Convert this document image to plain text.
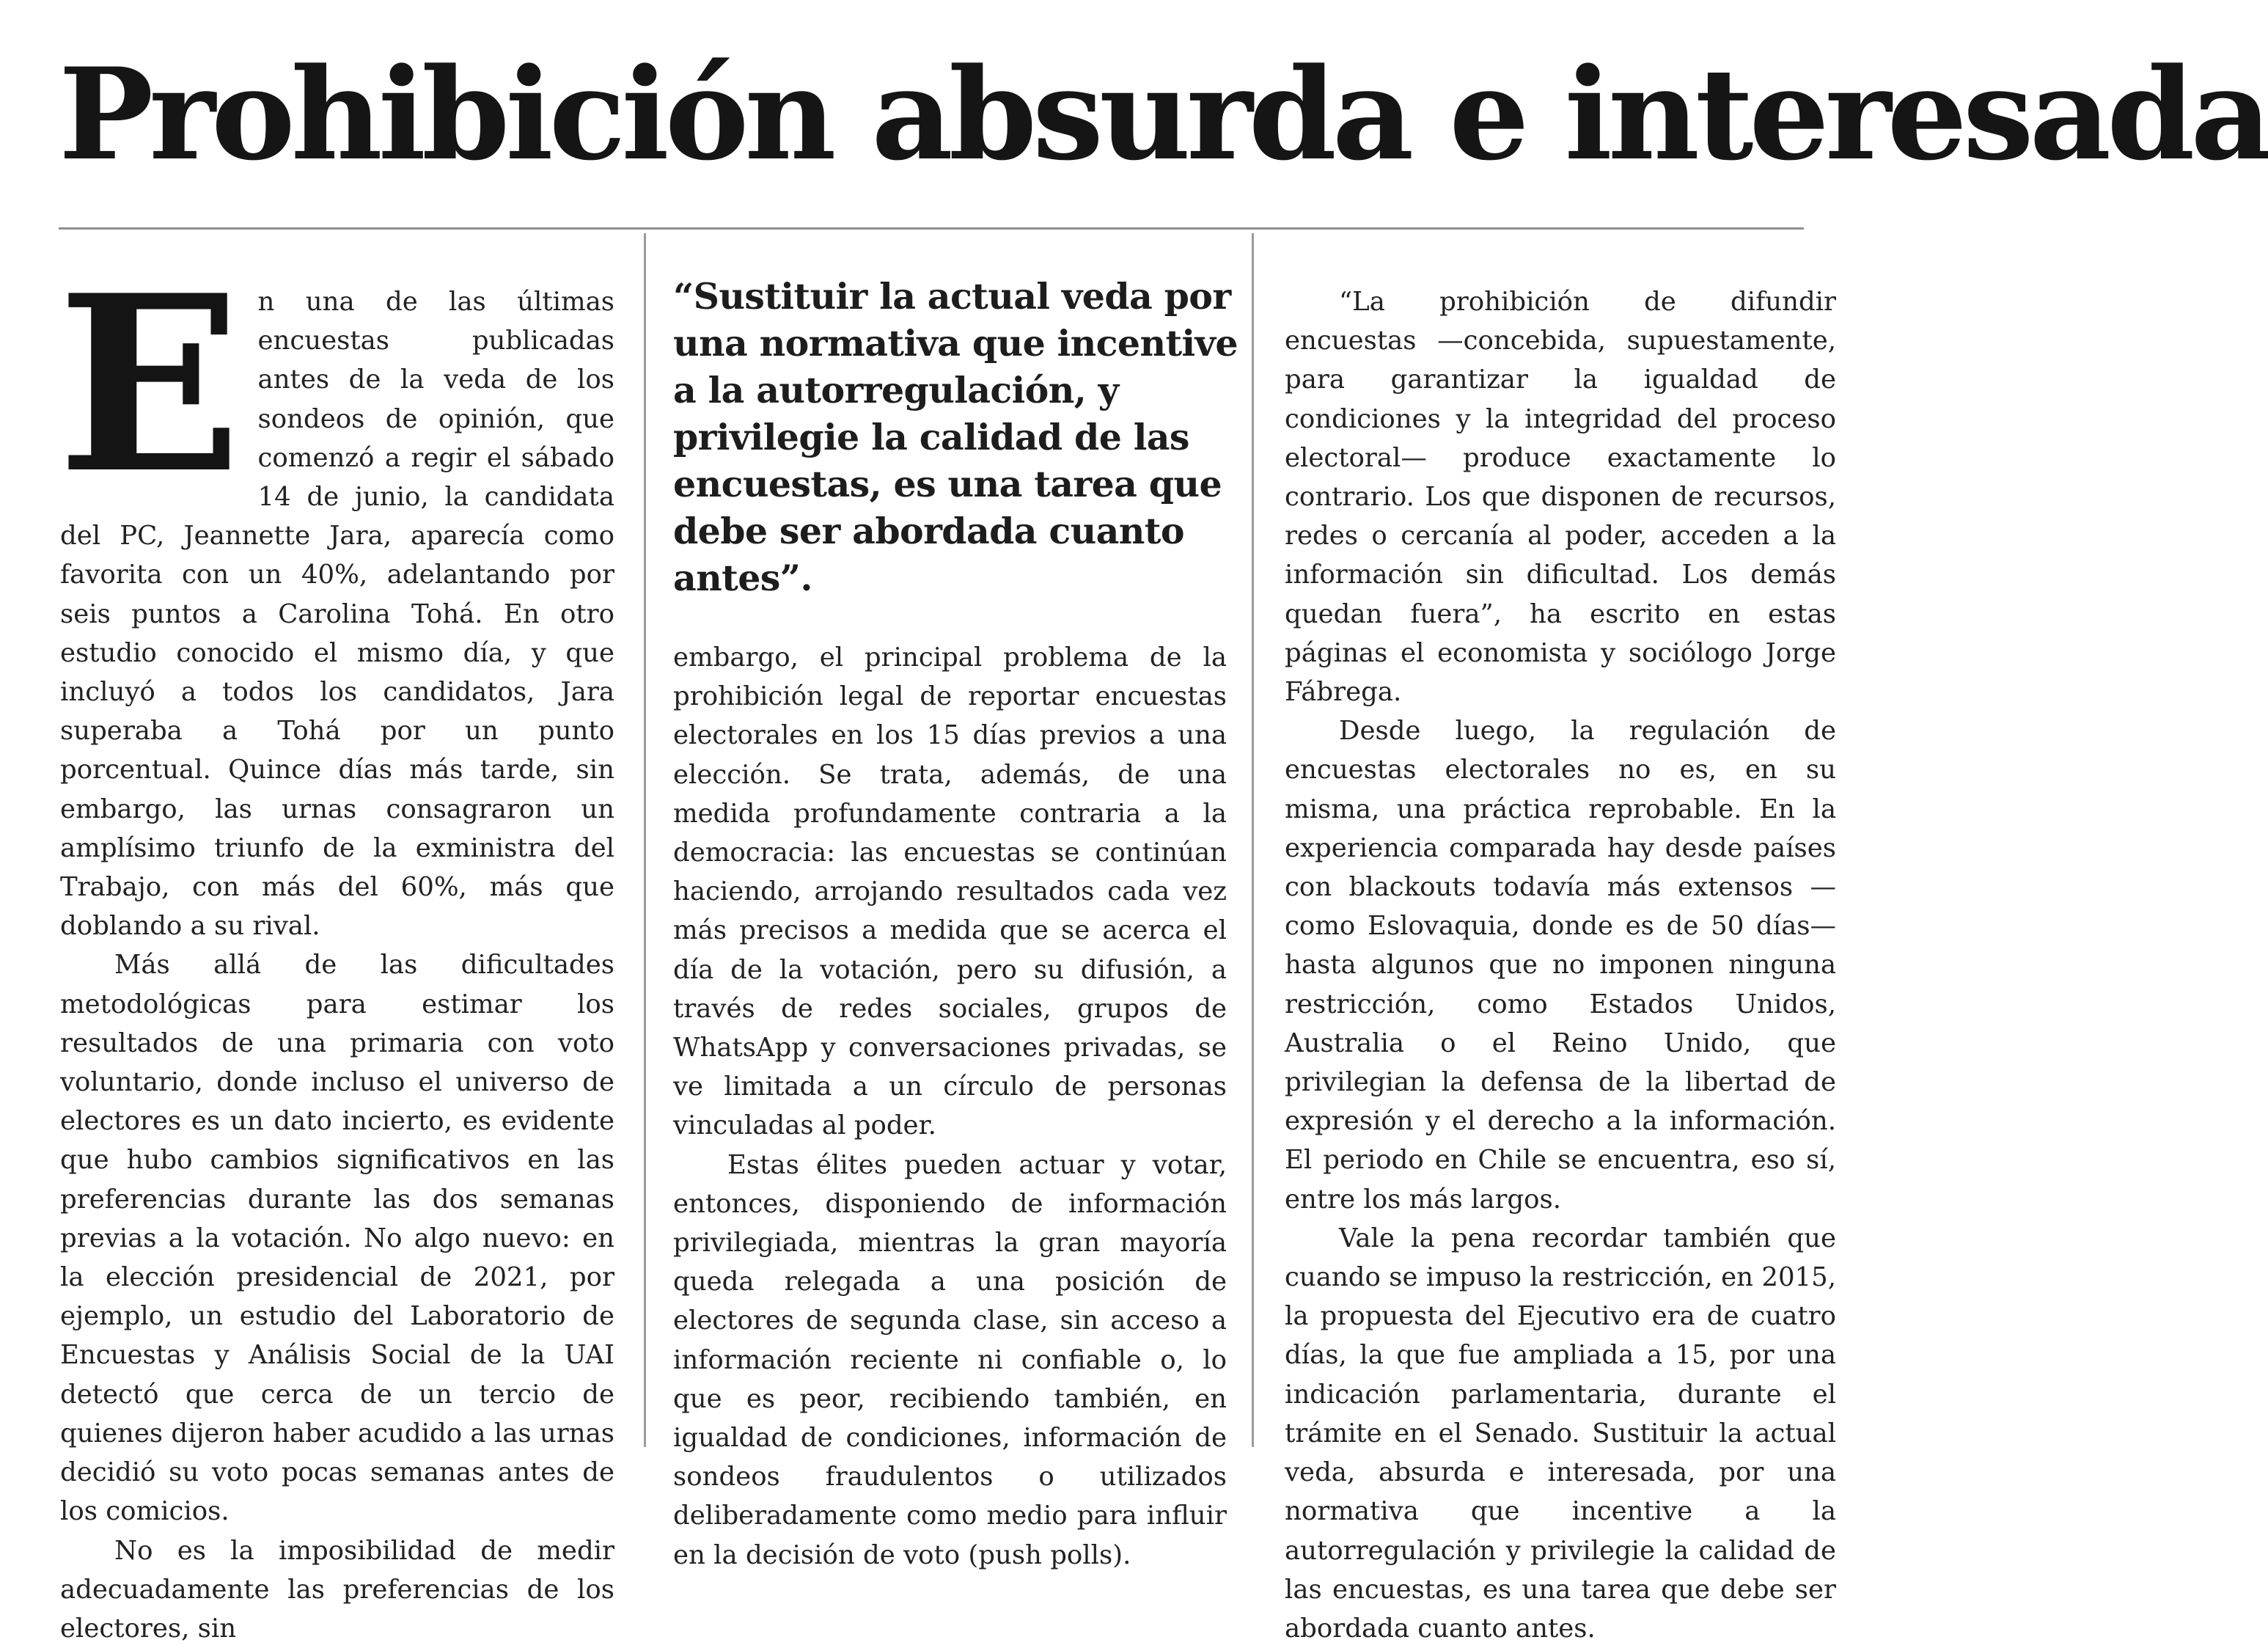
Prohibición absurda e interesada

En una de las últimas encuestas publicadas antes de la veda de los sondeos de opinión, que comenzó a regir el sábado 14 de junio, la candidata del PC, Jeannette Jara, aparecía como favorita con un 40%, adelantando por seis puntos a Carolina Tohá. En otro estudio conocido el mismo día, y que incluyó a todos los candidatos, Jara superaba a Tohá por un punto porcentual. Quince días más tarde, sin embargo, las urnas consagraron un amplísimo triunfo de la exministra del Trabajo, con más del 60%, más que doblando a su rival.

Más allá de las dificultades metodológicas para estimar los resultados de una primaria con voto voluntario, donde incluso el universo de electores es un dato incierto, es evidente que hubo cambios significativos en las preferencias durante las dos semanas previas a la votación. No algo nuevo: en la elección presidencial de 2021, por ejemplo, un estudio del Laboratorio de Encuestas y Análisis Social de la UAI detectó que cerca de un tercio de quienes dijeron haber acudido a las urnas decidió su voto pocas semanas antes de los comicios.

No es la imposibilidad de medir adecuadamente las preferencias de los electores, sin

“Sustituir la actual veda por una normativa que incentive a la autorregulación, y privilegie la calidad de las encuestas, es una tarea que debe ser abordada cuanto antes”.

embargo, el principal problema de la prohibición legal de reportar encuestas electorales en los 15 días previos a una elección. Se trata, además, de una medida profundamente contraria a la democracia: las encuestas se continúan haciendo, arrojando resultados cada vez más precisos a medida que se acerca el día de la votación, pero su difusión, a través de redes sociales, grupos de WhatsApp y conversaciones privadas, se ve limitada a un círculo de personas vinculadas al poder.

Estas élites pueden actuar y votar, entonces, disponiendo de información privilegiada, mientras la gran mayoría queda relegada a una posición de electores de segunda clase, sin acceso a información reciente ni confiable o, lo que es peor, recibiendo también, en igualdad de condiciones, información de sondeos fraudulentos o utilizados deliberadamente como medio para influir en la decisión de voto (push polls).

“La prohibición de difundir encuestas —concebida, supuestamente, para garantizar la igualdad de condiciones y la integridad del proceso electoral— produce exactamente lo contrario. Los que disponen de recursos, redes o cercanía al poder, acceden a la información sin dificultad. Los demás quedan fuera”, ha escrito en estas páginas el economista y sociólogo Jorge Fábrega.

Desde luego, la regulación de encuestas electorales no es, en su misma, una práctica reprobable. En la experiencia comparada hay desde países con blackouts todavía más extensos —como Eslovaquia, donde es de 50 días— hasta algunos que no imponen ninguna restricción, como Estados Unidos, Australia o el Reino Unido, que privilegian la defensa de la libertad de expresión y el derecho a la información. El periodo en Chile se encuentra, eso sí, entre los más largos.

Vale la pena recordar también que cuando se impuso la restricción, en 2015, la propuesta del Ejecutivo era de cuatro días, la que fue ampliada a 15, por una indicación parlamentaria, durante el trámite en el Senado. Sustituir la actual veda, absurda e interesada, por una normativa que incentive a la autorregulación y privilegie la calidad de las encuestas, es una tarea que debe ser abordada cuanto antes.
